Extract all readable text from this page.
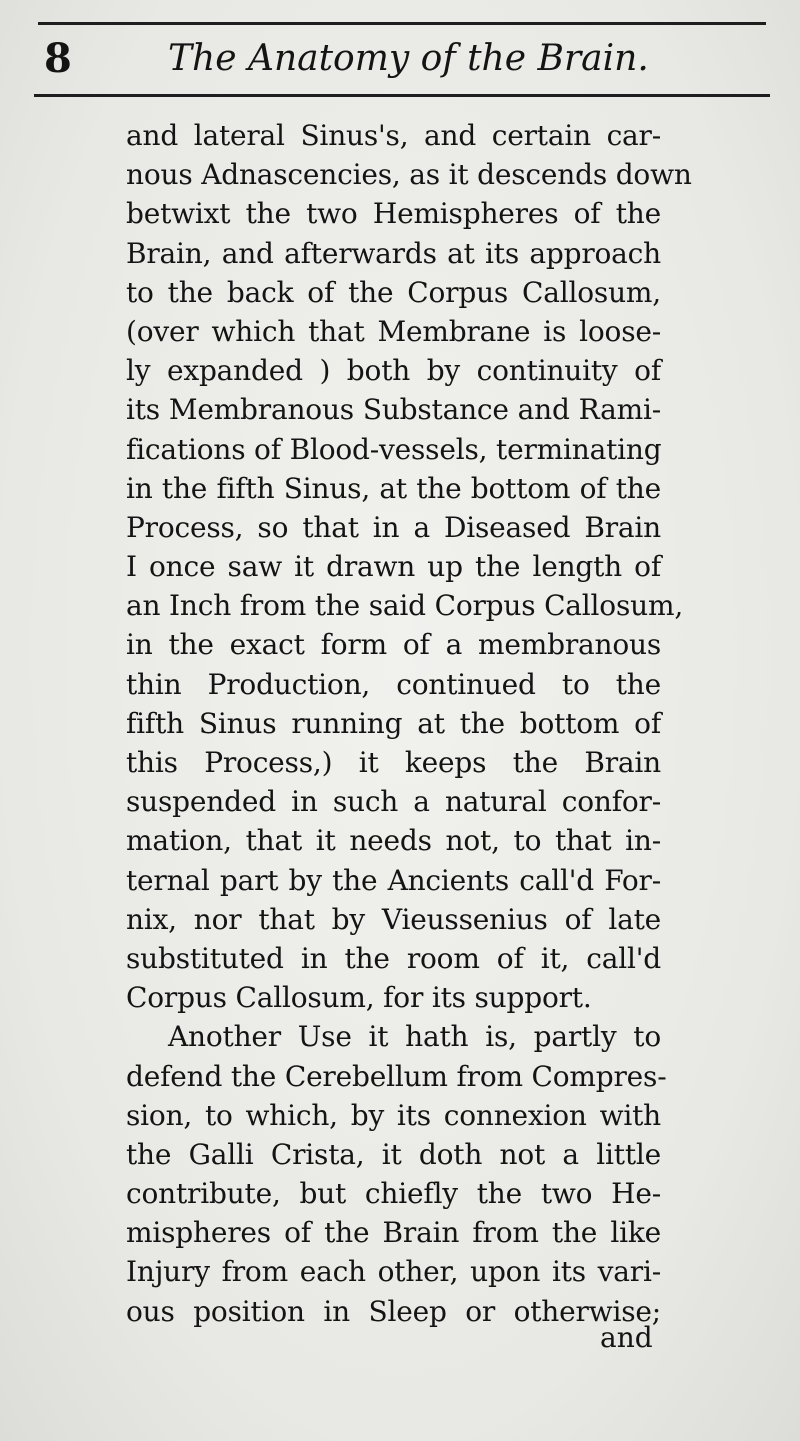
8	The Anatomy of the Brain.
and lateral Sinus's, and certain car-
nous Adnascencies, as it descends down
betwixt the two Hemispheres of the
Brain, and afterwards at its approach
to the back of the Corpus Callosum,
(over which that Membrane is loose-
ly expanded ) both by continuity of
its Membranous Substance and Rami-
fications of Blood-vessels, terminating
in the fifth Sinus, at the bottom of the
Process, so that in a Diseased Brain
I once saw it drawn up the length of
an Inch from the said Corpus Callosum,
in the exact form of a membranous
thin Production, continued to the
fifth Sinus running at the bottom of
this Process,) it keeps the Brain
suspended in such a natural confor-
mation, that it needs not, to that in-
ternal part by the Ancients call'd For-
nix, nor that by Vieussenius of late
substituted in the room of it, call'd
Corpus Callosum, for its support.
Another Use it hath is, partly to
defend the Cerebellum from Compres-
sion, to which, by its connexion with
the Galli Crista, it doth not a little
contribute, but chiefly the two He-
mispheres of the Brain from the like
Injury from each other, upon its vari-
ous position in Sleep or otherwise;
and
